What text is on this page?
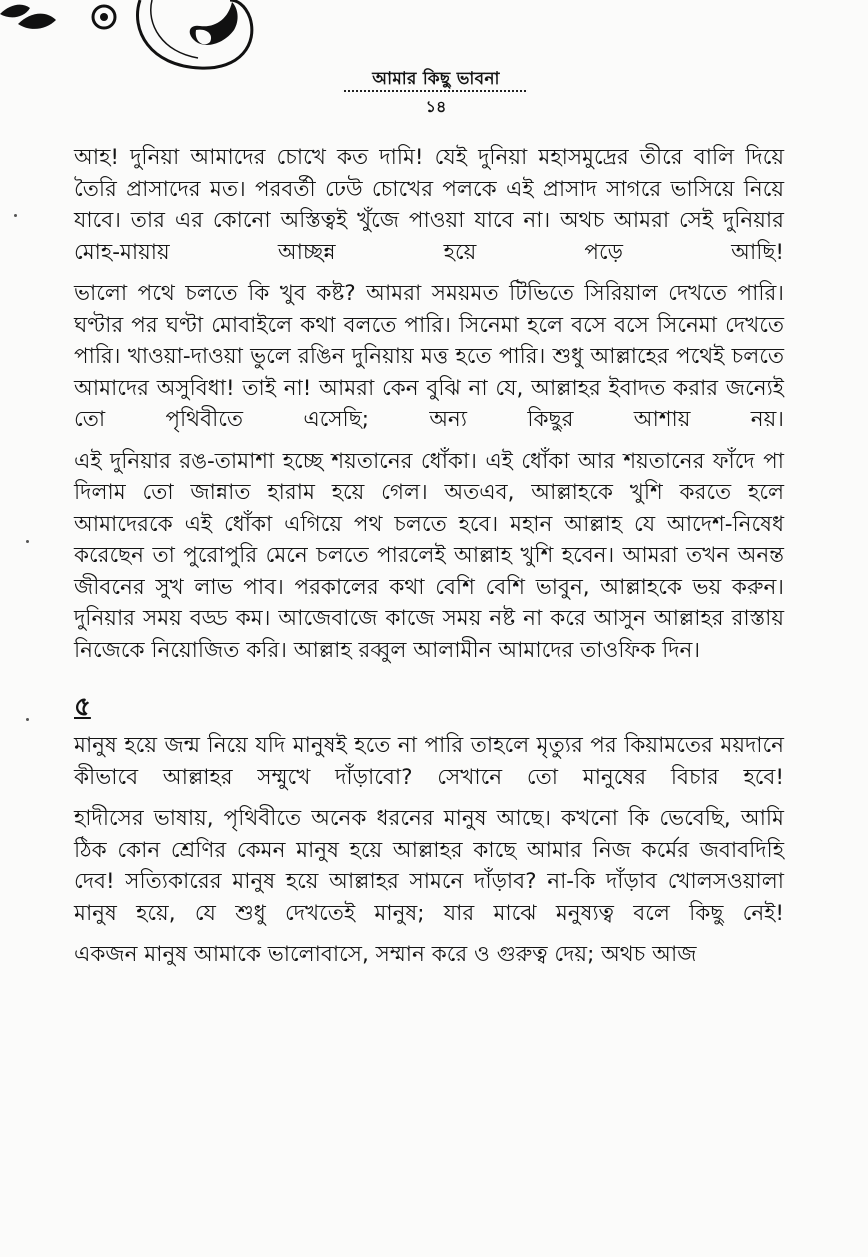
আমার কিছু ভাবনা
১৪

আহ! দুনিয়া আমাদের চোখে কত দামি! যেই দুনিয়া মহাসমুদ্রের তীরে বালি দিয়ে তৈরি প্রাসাদের মত। পরবর্তী ঢেউ চোখের পলকে এই প্রাসাদ সাগরে ভাসিয়ে নিয়ে যাবে। তার এর কোনো অস্তিত্বই খুঁজে পাওয়া যাবে না। অথচ আমরা সেই দুনিয়ার মোহ-মায়ায় আচ্ছন্ন হয়ে পড়ে আছি!

ভালো পথে চলতে কি খুব কষ্ট? আমরা সময়মত টিভিতে সিরিয়াল দেখতে পারি। ঘণ্টার পর ঘণ্টা মোবাইলে কথা বলতে পারি। সিনেমা হলে বসে বসে সিনেমা দেখতে পারি। খাওয়া-দাওয়া ভুলে রঙিন দুনিয়ায় মত্ত হতে পারি। শুধু আল্লাহের পথেই চলতে আমাদের অসুবিধা! তাই না! আমরা কেন বুঝি না যে, আল্লাহর ইবাদত করার জন্যেই তো পৃথিবীতে এসেছি; অন্য কিছুর আশায় নয়।

এই দুনিয়ার রঙ-তামাশা হচ্ছে শয়তানের ধোঁকা। এই ধোঁকা আর শয়তানের ফাঁদে পা দিলাম তো জান্নাত হারাম হয়ে গেল। অতএব, আল্লাহকে খুশি করতে হলে আমাদেরকে এই ধোঁকা এগিয়ে পথ চলতে হবে। মহান আল্লাহ যে আদেশ-নিষেধ করেছেন তা পুরোপুরি মেনে চলতে পারলেই আল্লাহ খুশি হবেন। আমরা তখন অনন্ত জীবনের সুখ লাভ পাব। পরকালের কথা বেশি বেশি ভাবুন, আল্লাহকে ভয় করুন। দুনিয়ার সময় বড্ড কম। আজেবাজে কাজে সময় নষ্ট না করে আসুন আল্লাহর রাস্তায় নিজেকে নিয়োজিত করি। আল্লাহ রব্বুল আলামীন আমাদের তাওফিক দিন।

৫

মানুষ হয়ে জন্ম নিয়ে যদি মানুষই হতে না পারি তাহলে মৃত্যুর পর কিয়ামতের ময়দানে কীভাবে আল্লাহর সম্মুখে দাঁড়াবো? সেখানে তো মানুষের বিচার হবে!

হাদীসের ভাষায়, পৃথিবীতে অনেক ধরনের মানুষ আছে। কখনো কি ভেবেছি, আমি ঠিক কোন শ্রেণির কেমন মানুষ হয়ে আল্লাহর কাছে আমার নিজ কর্মের জবাবদিহি দেব! সত্যিকারের মানুষ হয়ে আল্লাহর সামনে দাঁড়াব? না-কি দাঁড়াব খোলসওয়ালা মানুষ হয়ে, যে শুধু দেখতেই মানুষ; যার মাঝে মনুষ্যত্ব বলে কিছু নেই!

একজন মানুষ আমাকে ভালোবাসে, সম্মান করে ও গুরুত্ব দেয়; অথচ আজ
